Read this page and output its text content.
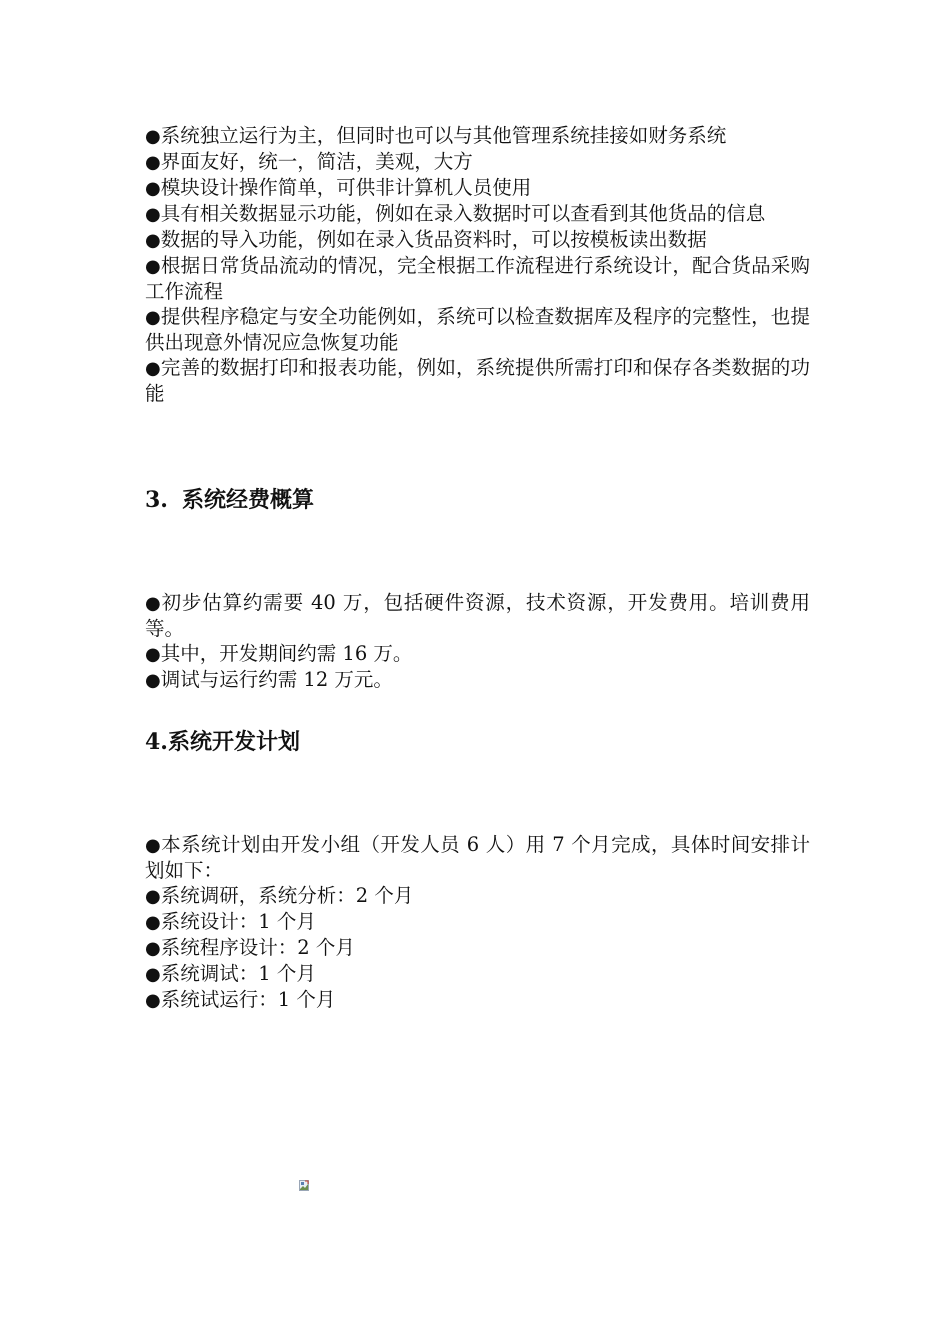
●系统独立运行为主，但同时也可以与其他管理系统挂接如财务系统

●界面友好，统一，简洁，美观，大方

●模块设计操作简单，可供非计算机人员使用

●具有相关数据显示功能，例如在录入数据时可以查看到其他货品的信息

●数据的导入功能，例如在录入货品资料时，可以按模板读出数据

●根据日常货品流动的情况，完全根据工作流程进行系统设计，配合货品采购工作流程

●提供程序稳定与安全功能例如，系统可以检查数据库及程序的完整性，也提供出现意外情况应急恢复功能

●完善的数据打印和报表功能，例如，系统提供所需打印和保存各类数据的功能

3. 系统经费概算

●初步估算约需要 40 万，包括硬件资源，技术资源，开发费用。培训费用等。

●其中，开发期间约需 16 万。

●调试与运行约需 12 万元。

4.系统开发计划

●本系统计划由开发小组（开发人员 6 人）用 7 个月完成，具体时间安排计划如下：

●系统调研，系统分析：2 个月

●系统设计：1 个月

●系统程序设计：2 个月

●系统调试：1 个月

●系统试运行：1 个月
